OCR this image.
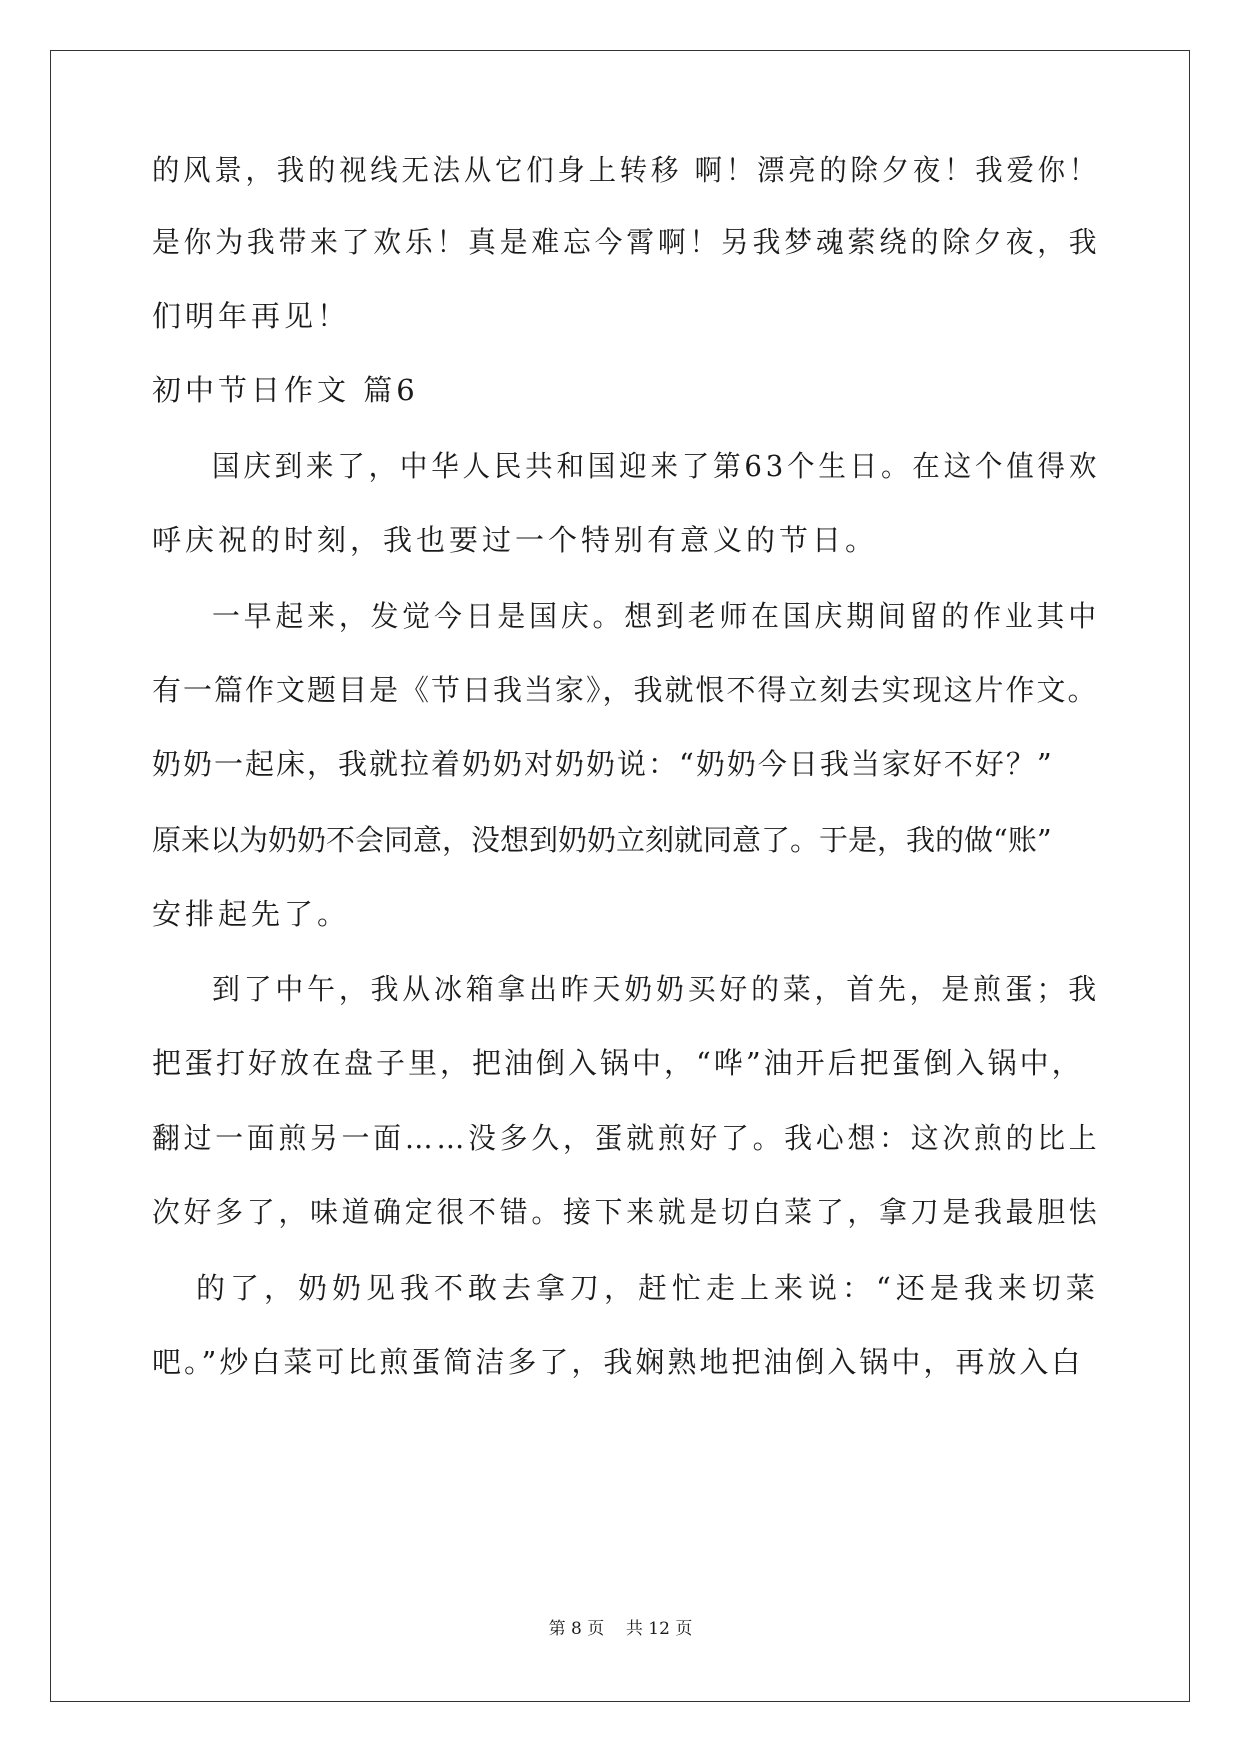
的风景，我的视线无法从它们身上转移 啊！漂亮的除夕夜！我爱你！
是你为我带来了欢乐！真是难忘今霄啊！另我梦魂萦绕的除夕夜，我
们明年再见！
初中节日作文 篇6
国庆到来了，中华人民共和国迎来了第63个生日。在这个值得欢
呼庆祝的时刻，我也要过一个特别有意义的节日。
一早起来，发觉今日是国庆。想到老师在国庆期间留的作业其中
有一篇作文题目是《节日我当家》，我就恨不得立刻去实现这片作文。
奶奶一起床，我就拉着奶奶对奶奶说：“奶奶今日我当家好不好？”
原来以为奶奶不会同意，没想到奶奶立刻就同意了。于是，我的做“账”
安排起先了。
到了中午，我从冰箱拿出昨天奶奶买好的菜，首先，是煎蛋；我
把蛋打好放在盘子里，把油倒入锅中，“哗”油开后把蛋倒入锅中，
翻过一面煎另一面……没多久，蛋就煎好了。我心想：这次煎的比上
次好多了，味道确定很不错。接下来就是切白菜了，拿刀是我最胆怯
的了，奶奶见我不敢去拿刀，赶忙走上来说：“还是我来切菜
吧。”炒白菜可比煎蛋简洁多了，我娴熟地把油倒入锅中，再放入白
第 8 页    共 12 页
